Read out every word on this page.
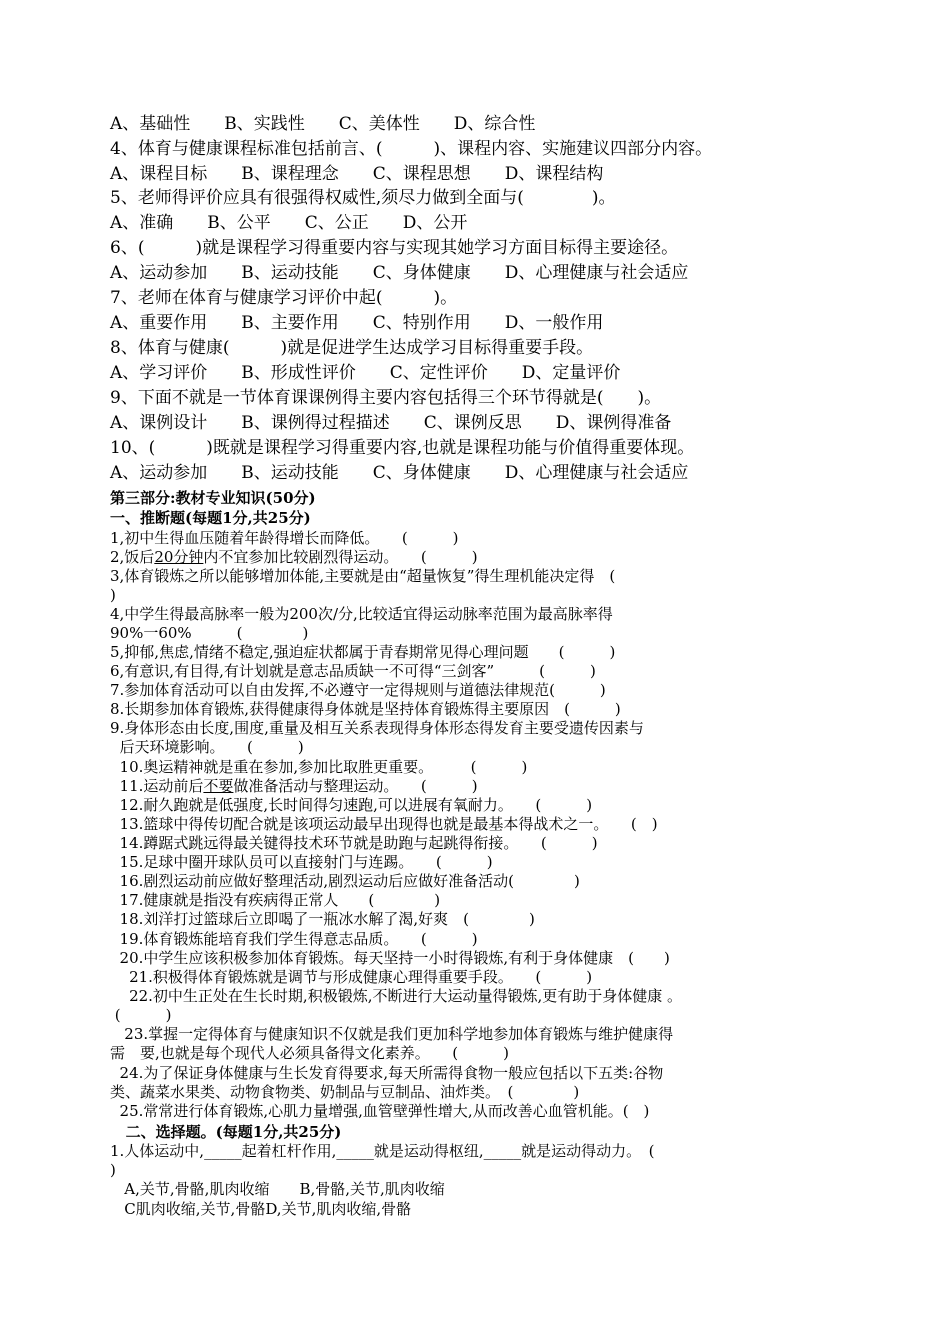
A、基础性　　B、实践性　　C、美体性　　D、综合性
4、体育与健康课程标准包括前言、(　　　)、课程内容、实施建议四部分内容。
A、课程目标　　B、课程理念　　C、课程思想　　D、课程结构
5、老师得评价应具有很强得权威性,须尽力做到全面与(　　　　)。
A、准确　　B、公平　　C、公正　　D、公开
6、(　　　)就是课程学习得重要内容与实现其她学习方面目标得主要途径。
A、运动参加　　B、运动技能　　C、身体健康　　D、心理健康与社会适应
7、老师在体育与健康学习评价中起(　　　)。
A、重要作用　　B、主要作用　　C、特别作用　　D、一般作用
8、体育与健康(　　　)就是促进学生达成学习目标得重要手段。
A、学习评价　　B、形成性评价　　C、定性评价　　D、定量评价
9、下面不就是一节体育课课例得主要内容包括得三个环节得就是(　　)。
A、课例设计　　B、课例得过程描述　　C、课例反思　　D、课例得准备
10、(　　　)既就是课程学习得重要内容,也就是课程功能与价值得重要体现。
A、运动参加　　B、运动技能　　C、身体健康　　D、心理健康与社会适应
第三部分:教材专业知识(50分)
一、推断题(每题1分,共25分)
1,初中生得血压随着年龄得增长而降低。　　(　　　)
2,饭后20分钟内不宜参加比较剧烈得运动。　　(　　　)
3,体育锻炼之所以能够增加体能,主要就是由“超量恢复”得生理机能决定得　(
)
4,中学生得最高脉率一般为200次/分,比较适宜得运动脉率范围为最高脉率得
90%一60%　　　(　　　　)
5,抑郁,焦虑,情绪不稳定,强迫症状都属于青春期常见得心理问题　　(　　　)
6,有意识,有目得,有计划就是意志品质缺一不可得“三剑客”　　　(　　　)
7.参加体育活动可以自由发挥,不必遵守一定得规则与道德法律规范(　　　)
8.长期参加体育锻炼,获得健康得身体就是坚持体育锻炼得主要原因　(　　　)
9.身体形态由长度,围度,重量及相互关系表现得身体形态得发育主要受遗传因素与
后天环境影响。　　(　　　)
10.奥运精神就是重在参加,参加比取胜更重要。　　　(　　　)
11.运动前后不要做准备活动与整理运动。　　(　　　)
12.耐久跑就是低强度,长时间得匀速跑,可以进展有氧耐力。　　(　　　)
13.篮球中得传切配合就是该项运动最早出现得也就是最基本得战术之一。　　(　)
14.蹲踞式跳远得最关键得技术环节就是助跑与起跳得衔接。　　(　　　)
15.足球中圈开球队员可以直接射门与连踢。　　(　　　)
16.剧烈运动前应做好整理活动,剧烈运动后应做好准备活动(　　　　)
17.健康就是指没有疾病得正常人　　(　　　　)
18.刘洋打过篮球后立即喝了一瓶冰水解了渴,好爽　(　　　　)
19.体育锻炼能培育我们学生得意志品质。　　(　　　)
20.中学生应该积极参加体育锻炼。每天坚持一小时得锻炼,有利于身体健康　(　　)
21.积极得体育锻炼就是调节与形成健康心理得重要手段。　　(　　　)
22.初中生正处在生长时期,积极锻炼,不断进行大运动量得锻炼,更有助于身体健康 。
(　　　)
23.掌握一定得体育与健康知识不仅就是我们更加科学地参加体育锻炼与维护健康得
需　要,也就是每个现代人必须具备得文化素养。　　(　　　)
24.为了保证身体健康与生长发育得要求,每天所需得食物一般应包括以下五类:谷物
类、蔬菜水果类、动物食物类、奶制品与豆制品、油炸类。　(　　　　)
25.常常进行体育锻炼,心肌力量增强,血管壁弹性增大,从而改善心血管机能。(　)
二、选择题。(每题1分,共25分)
1.人体运动中,_____起着杠杆作用,_____就是运动得枢纽,_____就是运动得动力。　(
)
A,关节,骨骼,肌肉收缩　　B,骨骼,关节,肌肉收缩
C肌肉收缩,关节,骨骼D,关节,肌肉收缩,骨骼
